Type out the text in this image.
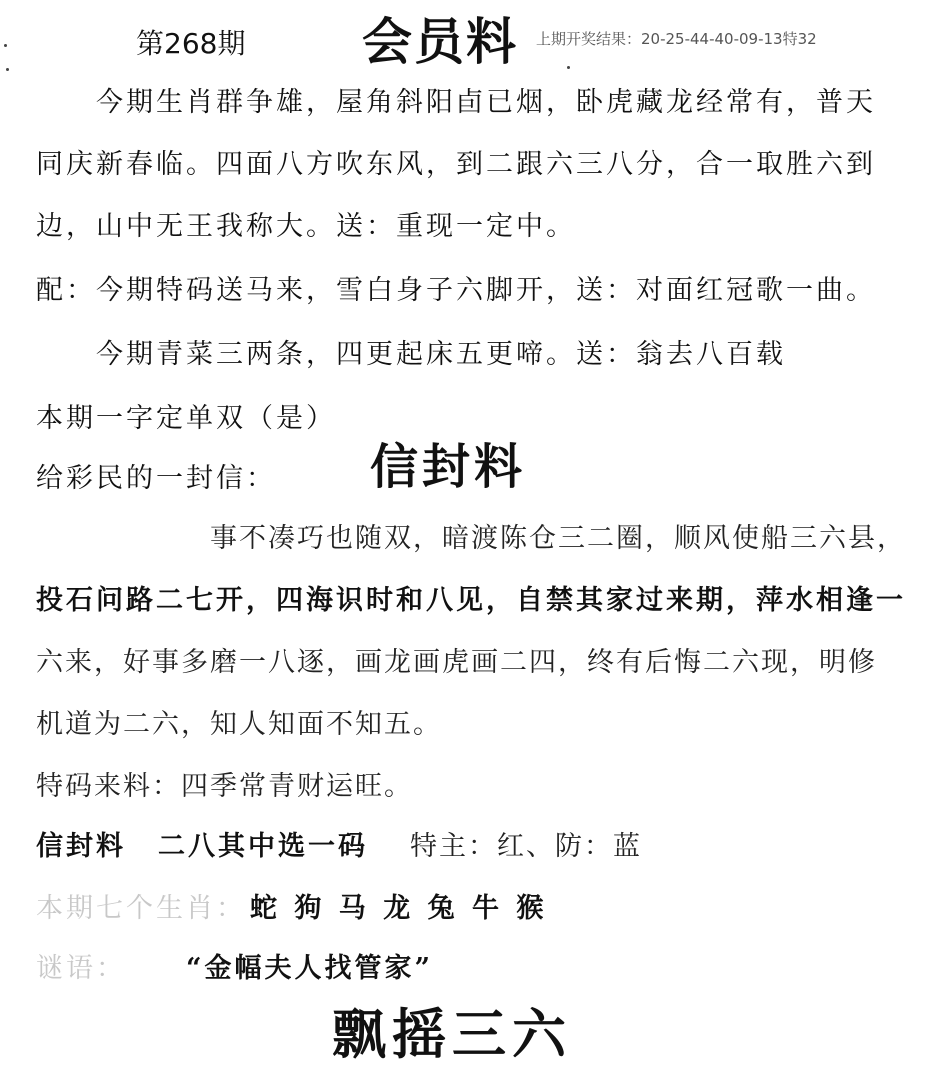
第268期 会员料 上期开奖结果：20-25-44-40-09-13特32
今期生肖群争雄，屋角斜阳卣已烟，卧虎藏龙经常有，普天
同庆新春临。四面八方吹东风，到二跟六三八分，合一取胜六到
边，山中无王我称大。送：重现一定中。
配：今期特码送马来，雪白身子六脚开，送：对面红冠歌一曲。
今期青菜三两条，四更起床五更啼。送：翁去八百载
本期一字定单双（是）
给彩民的一封信： 信封料
事不凑巧也随双，暗渡陈仓三二圈，顺风使船三六县，
投石问路二七开，四海识时和八见，自禁其家过来期，萍水相逢一
六来，好事多磨一八逐，画龙画虎画二四，终有后悔二六现，明修
机道为二六，知人知面不知五。
特码来料：四季常青财运旺。
信封料 二八其中选一码 特主：红、防：蓝
本期七个生肖： 蛇 狗 马 龙 兔 牛 猴
谜语： “金幅夫人找管家”
飘摇三六
